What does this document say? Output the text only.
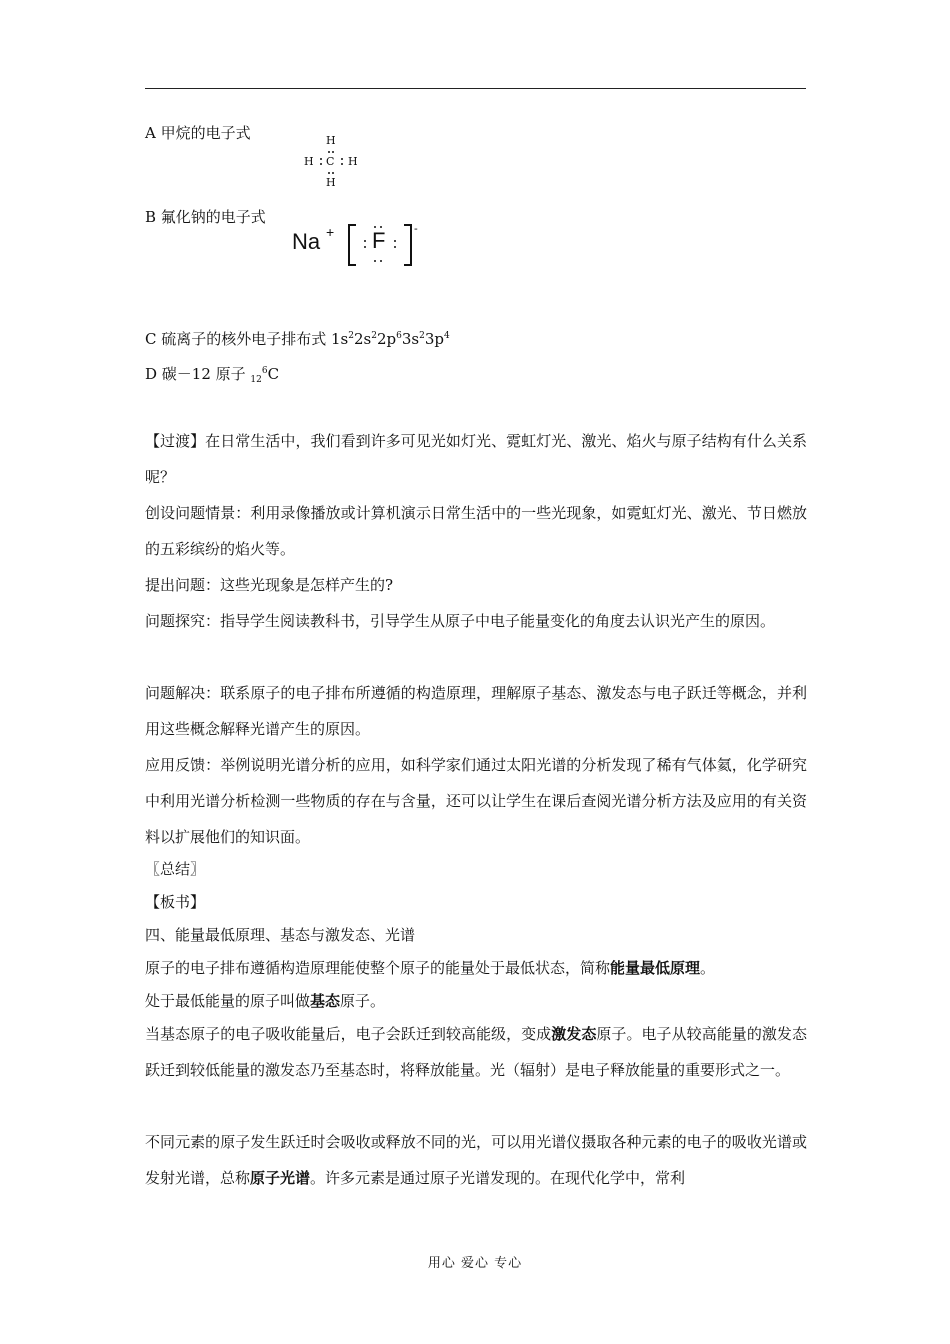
A 甲烷的电子式	H
H C H
H
B 氟化钠的电子式
Na + F	-
C 硫离子的核外电子排布式 $1s^22s^22p^63s^23p^4$
D 碳－12 原子 $_{12}^6$C
【过渡】在日常生活中，我们看到许多可见光如灯光、霓虹灯光、激光、焰火与原子结构有什么关系呢？
创设问题情景：利用录像播放或计算机演示日常生活中的一些光现象，如霓虹灯光、激光、节日燃放的五彩缤纷的焰火等。
提出问题：这些光现象是怎样产生的?
问题探究：指导学生阅读教科书，引导学生从原子中电子能量变化的角度去认识光产生的原因。
问题解决：联系原子的电子排布所遵循的构造原理，理解原子基态、激发态与电子跃迁等概念，并利用这些概念解释光谱产生的原因。
应用反馈：举例说明光谱分析的应用，如科学家们通过太阳光谱的分析发现了稀有气体氦，化学研究中利用光谱分析检测一些物质的存在与含量，还可以让学生在课后查阅光谱分析方法及应用的有关资料以扩展他们的知识面。
〖总结〗
【板书】
四、能量最低原理、基态与激发态、光谱
原子的电子排布遵循构造原理能使整个原子的能量处于最低状态，简称能量最低原理。
处于最低能量的原子叫做基态原子。
当基态原子的电子吸收能量后，电子会跃迁到较高能级，变成激发态原子。电子从较高能量的激发态跃迁到较低能量的激发态乃至基态时，将释放能量。光（辐射）是电子释放能量的重要形式之一。
不同元素的原子发生跃迁时会吸收或释放不同的光，可以用光谱仪摄取各种元素的电子的吸收光谱或发射光谱，总称原子光谱。许多元素是通过原子光谱发现的。在现代化学中，常利
用心 爱心 专心
